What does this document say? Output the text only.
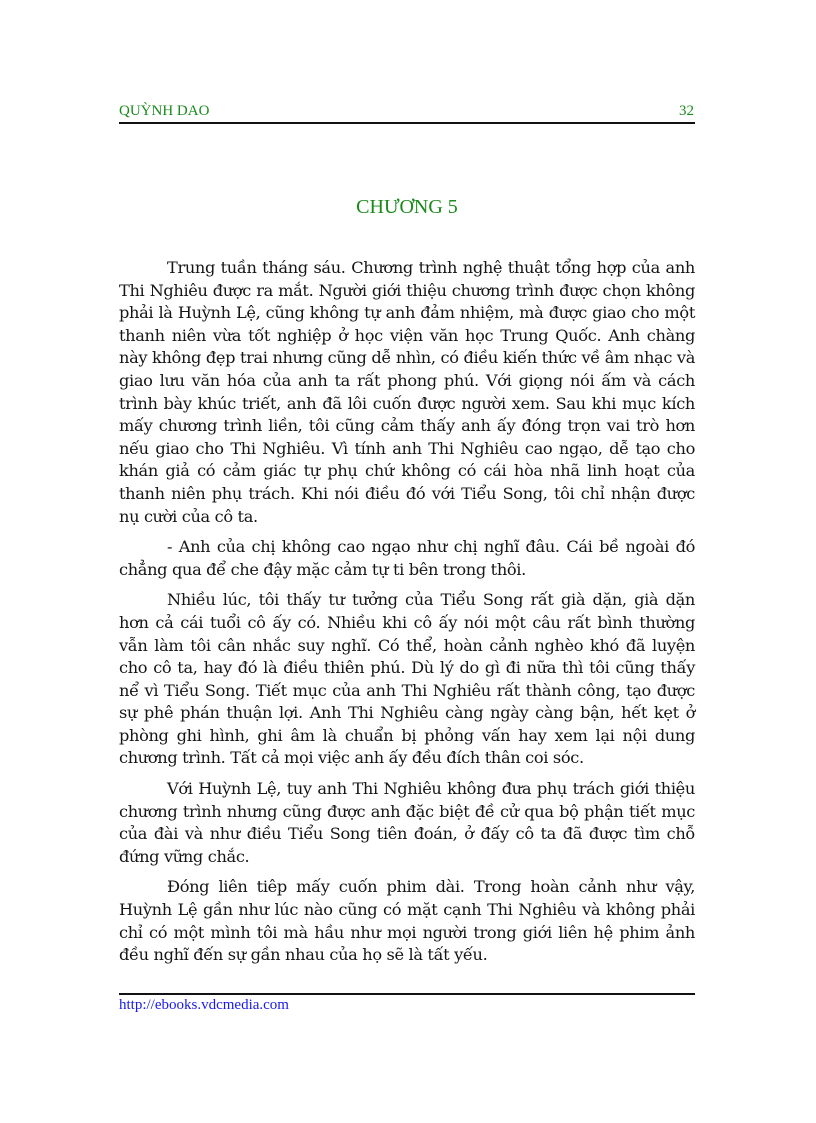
QUỲNH DAO	32
CHƯƠNG 5

Trung tuần tháng sáu. Chương trình nghệ thuật tổng hợp của anh Thi Nghiêu được ra mắt. Người giới thiệu chương trình được chọn không phải là Huỳnh Lệ, cũng không tự anh đảm nhiệm, mà được giao cho một thanh niên vừa tốt nghiệp ở học viện văn học Trung Quốc. Anh chàng này không đẹp trai nhưng cũng dễ nhìn, có điều kiến thức về âm nhạc và giao lưu văn hóa của anh ta rất phong phú. Với giọng nói ấm và cách trình bày khúc triết, anh đã lôi cuốn được người xem. Sau khi mục kích mấy chương trình liền, tôi cũng cảm thấy anh ấy đóng trọn vai trò hơn nếu giao cho Thi Nghiêu. Vì tính anh Thi Nghiêu cao ngạo, dễ tạo cho khán giả có cảm giác tự phụ chứ không có cái hòa nhã linh hoạt của thanh niên phụ trách. Khi nói điều đó với Tiểu Song, tôi chỉ nhận được nụ cười của cô ta.

- Anh của chị không cao ngạo như chị nghĩ đâu. Cái bề ngoài đó chẳng qua để che đậy mặc cảm tự ti bên trong thôi.

Nhiều lúc, tôi thấy tư tưởng của Tiểu Song rất già dặn, già dặn hơn cả cái tuổi cô ấy có. Nhiều khi cô ấy nói một câu rất bình thường vẫn làm tôi cân nhắc suy nghĩ. Có thể, hoàn cảnh nghèo khó đã luyện cho cô ta, hay đó là điều thiên phú. Dù lý do gì đi nữa thì tôi cũng thấy nể vì Tiểu Song. Tiết mục của anh Thi Nghiêu rất thành công, tạo được sự phê phán thuận lợi. Anh Thi Nghiêu càng ngày càng bận, hết kẹt ở phòng ghi hình, ghi âm là chuẩn bị phỏng vấn hay xem lại nội dung chương trình. Tất cả mọi việc anh ấy đều đích thân coi sóc.

Với Huỳnh Lệ, tuy anh Thi Nghiêu không đưa phụ trách giới thiệu chương trình nhưng cũng được anh đặc biệt đề cử qua bộ phận tiết mục của đài và như điều Tiểu Song tiên đoán, ở đấy cô ta đã được tìm chỗ đứng vững chắc.

Đóng liên tiêp mấy cuốn phim dài. Trong hoàn cảnh như vậy, Huỳnh Lệ gần như lúc nào cũng có mặt cạnh Thi Nghiêu và không phải chỉ có một mình tôi mà hầu như mọi người trong giới liên hệ phim ảnh đều nghĩ đến sự gần nhau của họ sẽ là tất yếu.

http://ebooks.vdcmedia.com
